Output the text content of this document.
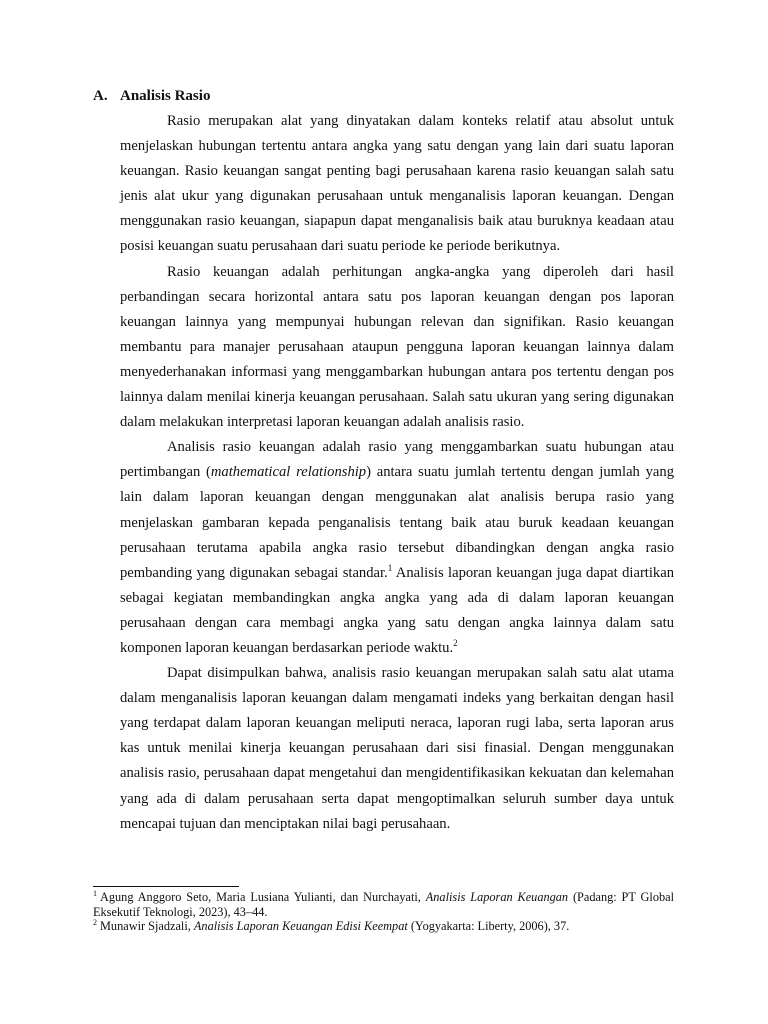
A. Analisis Rasio

Rasio merupakan alat yang dinyatakan dalam konteks relatif atau absolut untuk menjelaskan hubungan tertentu antara angka yang satu dengan yang lain dari suatu laporan keuangan. Rasio keuangan sangat penting bagi perusahaan karena rasio keuangan salah satu jenis alat ukur yang digunakan perusahaan untuk menganalisis laporan keuangan. Dengan menggunakan rasio keuangan, siapapun dapat menganalisis baik atau buruknya keadaan atau posisi keuangan suatu perusahaan dari suatu periode ke periode berikutnya.

Rasio keuangan adalah perhitungan angka-angka yang diperoleh dari hasil perbandingan secara horizontal antara satu pos laporan keuangan dengan pos laporan keuangan lainnya yang mempunyai hubungan relevan dan signifikan. Rasio keuangan membantu para manajer perusahaan ataupun pengguna laporan keuangan lainnya dalam menyederhanakan informasi yang menggambarkan hubungan antara pos tertentu dengan pos lainnya dalam menilai kinerja keuangan perusahaan. Salah satu ukuran yang sering digunakan dalam melakukan interpretasi laporan keuangan adalah analisis rasio.

Analisis rasio keuangan adalah rasio yang menggambarkan suatu hubungan atau pertimbangan (mathematical relationship) antara suatu jumlah tertentu dengan jumlah yang lain dalam laporan keuangan dengan menggunakan alat analisis berupa rasio yang menjelaskan gambaran kepada penganalisis tentang baik atau buruk keadaan keuangan perusahaan terutama apabila angka rasio tersebut dibandingkan dengan angka rasio pembanding yang digunakan sebagai standar.$^1$ Analisis laporan keuangan juga dapat diartikan sebagai kegiatan membandingkan angka angka yang ada di dalam laporan keuangan perusahaan dengan cara membagi angka yang satu dengan angka lainnya dalam satu komponen laporan keuangan berdasarkan periode waktu.$^2$

Dapat disimpulkan bahwa, analisis rasio keuangan merupakan salah satu alat utama dalam menganalisis laporan keuangan dalam mengamati indeks yang berkaitan dengan hasil yang terdapat dalam laporan keuangan meliputi neraca, laporan rugi laba, serta laporan arus kas untuk menilai kinerja keuangan perusahaan dari sisi finasial. Dengan menggunakan analisis rasio, perusahaan dapat mengetahui dan mengidentifikasikan kekuatan dan kelemahan yang ada di dalam perusahaan serta dapat mengoptimalkan seluruh sumber daya untuk mencapai tujuan dan menciptakan nilai bagi perusahaan.

$^1$ Agung Anggoro Seto, Maria Lusiana Yulianti, dan Nurchayati, Analisis Laporan Keuangan (Padang: PT Global Eksekutif Teknologi, 2023), 43–44.

$^2$ Munawir Sjadzali, Analisis Laporan Keuangan Edisi Keempat (Yogyakarta: Liberty, 2006), 37.
